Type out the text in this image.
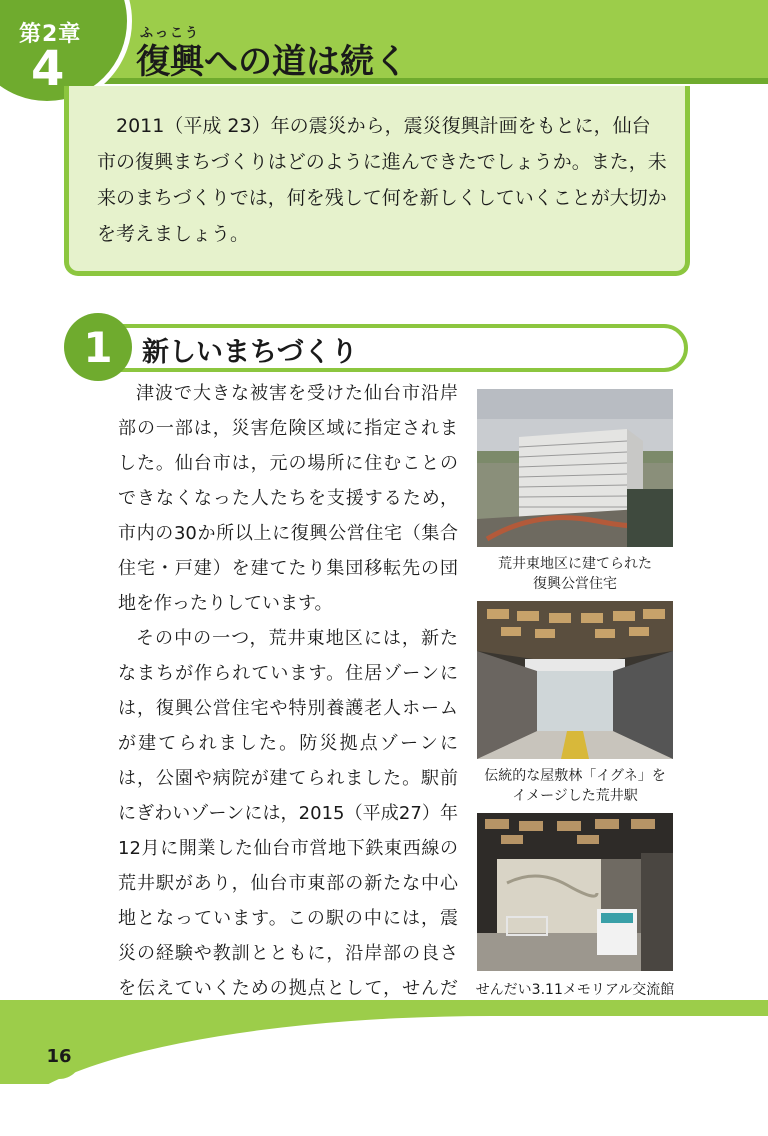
第2章
4
ふっこう
復興への道は続く

2011（平成 23）年の震災から，震災復興計画をもとに，仙台市の復興まちづくりはどのように進んできたでしょうか。また，未来のまちづくりでは，何を残して何を新しくしていくことが大切かを考えましょう。

1	新しいまちづくり

津波で大きな被害を受けた仙台市沿岸部の一部は，災害危険区域に指定されました。仙台市は，元の場所に住むことのできなくなった人たちを支援するため，市内の30か所以上に復興公営住宅（集合住宅・戸建）を建てたり集団移転先の団地を作ったりしています。

その中の一つ，荒井東地区には，新たなまちが作られています。住居ゾーンには，復興公営住宅や特別養護老人ホームが建てられました。防災拠点ゾーンには，公園や病院が建てられました。駅前にぎわいゾーンには，2015（平成27）年12月に開業した仙台市営地下鉄東西線の荒井駅があり，仙台市東部の新たな中心地となっています。この駅の中には，震災の経験や教訓とともに，沿岸部の良さを伝えていくための拠点として，せんだ

荒井東地区に建てられた
復興公営住宅
伝統的な屋敷林「イグネ」を
イメージした荒井駅
せんだい3.11メモリアル交流館
16
